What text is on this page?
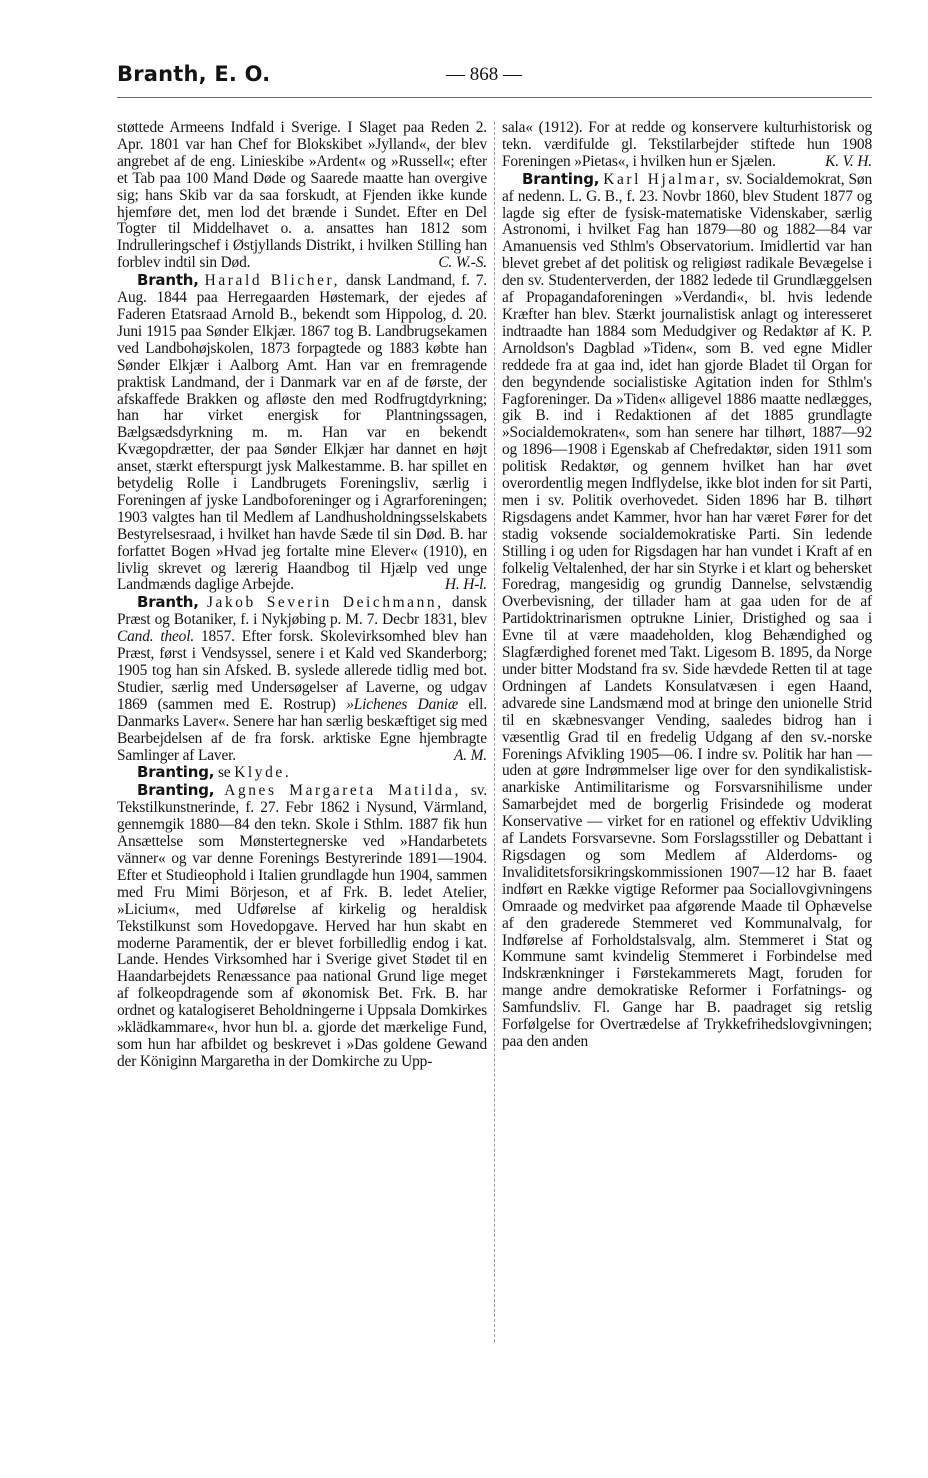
Branth, E. O.	— 868 —

støttede Armeens Indfald i Sverige. I Slaget paa Reden 2. Apr. 1801 var han Chef for Blokskibet »Jylland«, der blev angrebet af de eng. Linieskibe »Ardent« og »Russell«; efter et Tab paa 100 Mand Døde og Saarede maatte han overgive sig; hans Skib var da saa forskudt, at Fjenden ikke kunde hjemføre det, men lod det brænde i Sundet. Efter en Del Togter til Middelhavet o. a. ansattes han 1812 som Indrulleringschef i Østjyllands Distrikt, i hvilken Stilling han forblev indtil sin Død.	C. W.-S.

Branth, Harald Blicher, dansk Landmand, f. 7. Aug. 1844 paa Herregaarden Høstemark, der ejedes af Faderen Etatsraad Arnold B., bekendt som Hippolog, d. 20. Juni 1915 paa Sønder Elkjær. 1867 tog B. Landbrugsekamen ved Landbohøjskolen, 1873 forpagtede og 1883 købte han Sønder Elkjær i Aalborg Amt. Han var en fremragende praktisk Landmand, der i Danmark var en af de første, der afskaffede Brakken og afløste den med Rodfrugtdyrkning; han har virket energisk for Plantningssagen, Bælgsædsdyrkning m. m. Han var en bekendt Kvægopdrætter, der paa Sønder Elkjær har dannet en højt anset, stærkt efterspurgt jysk Malkestamme. B. har spillet en betydelig Rolle i Landbrugets Foreningsliv, særlig i Foreningen af jyske Landboforeninger og i Agrarforeningen; 1903 valgtes han til Medlem af Landhusholdningsselskabets Bestyrelsesraad, i hvilket han havde Sæde til sin Død. B. har forfattet Bogen »Hvad jeg fortalte mine Elever« (1910), en livlig skrevet og lærerig Haandbog til Hjælp ved unge Landmænds daglige Arbejde.	H. H-l.

Branth, Jakob Severin Deichmann, dansk Præst og Botaniker, f. i Nykjøbing p. M. 7. Decbr 1831, blev Cand. theol. 1857. Efter forsk. Skolevirksomhed blev han Præst, først i Vendsyssel, senere i et Kald ved Skanderborg; 1905 tog han sin Afsked. B. syslede allerede tidlig med bot. Studier, særlig med Undersøgelser af Laverne, og udgav 1869 (sammen med E. Rostrup) »Lichenes Daniæ ell. Danmarks Laver«. Senere har han særlig beskæftiget sig med Bearbejdelsen af de fra forsk. arktiske Egne hjembragte Samlinger af Laver.	A. M.

Branting, se Klyde.

Branting, Agnes Margareta Matilda, sv. Tekstilkunstnerinde, f. 27. Febr 1862 i Nysund, Värmland, gennemgik 1880—84 den tekn. Skole i Sthlm. 1887 fik hun Ansættelse som Mønstertegnerske ved »Handarbetets vänner« og var denne Forenings Bestyrerinde 1891—1904. Efter et Studieophold i Italien grundlagde hun 1904, sammen med Fru Mimi Börjeson, et af Frk. B. ledet Atelier, »Licium«, med Udførelse af kirkelig og heraldisk Tekstilkunst som Hovedopgave. Herved har hun skabt en moderne Paramentik, der er blevet forbilledlig endog i kat. Lande. Hendes Virksomhed har i Sverige givet Stødet til en Haandarbejdets Renæssance paa national Grund lige meget af folkeopdragende som af økonomisk Bet. Frk. B. har ordnet og katalogiseret Beholdningerne i Uppsala Domkirkes »klädkammare«, hvor hun bl. a. gjorde det mærkelige Fund, som hun har afbildet og beskrevet i »Das goldene Gewand der Königinn Margaretha in der Domkirche zu Upp-

sala« (1912). For at redde og konservere kulturhistorisk og tekn. værdifulde gl. Tekstilarbejder stiftede hun 1908 Foreningen »Pietas«, i hvilken hun er Sjælen.	K. V. H.

Branting, Karl Hjalmar, sv. Socialdemokrat, Søn af nedenn. L. G. B., f. 23. Novbr 1860, blev Student 1877 og lagde sig efter de fysisk-matematiske Videnskaber, særlig Astronomi, i hvilket Fag han 1879—80 og 1882—84 var Amanuensis ved Sthlm's Observatorium. Imidlertid var han blevet grebet af det politisk og religiøst radikale Bevægelse i den sv. Studenterverden, der 1882 ledede til Grundlæggelsen af Propagandaforeningen »Verdandi«, bl. hvis ledende Kræfter han blev. Stærkt journalistisk anlagt og interesseret indtraadte han 1884 som Medudgiver og Redaktør af K. P. Arnoldson's Dagblad »Tiden«, som B. ved egne Midler reddede fra at gaa ind, idet han gjorde Bladet til Organ for den begyndende socialistiske Agitation inden for Sthlm's Fagforeninger. Da »Tiden« alligevel 1886 maatte nedlægges, gik B. ind i Redaktionen af det 1885 grundlagte »Socialdemokraten«, som han senere har tilhørt, 1887—92 og 1896—1908 i Egenskab af Chefredaktør, siden 1911 som politisk Redaktør, og gennem hvilket han har øvet overordentlig megen Indflydelse, ikke blot inden for sit Parti, men i sv. Politik overhovedet. Siden 1896 har B. tilhørt Rigsdagens andet Kammer, hvor han har været Fører for det stadig voksende socialdemokratiske Parti. Sin ledende Stilling i og uden for Rigsdagen har han vundet i Kraft af en folkelig Veltalenhed, der har sin Styrke i et klart og behersket Foredrag, mangesidig og grundig Dannelse, selvstændig Overbevisning, der tillader ham at gaa uden for de af Partidoktrinarismen optrukne Linier, Dristighed og saa i Evne til at være maadeholden, klog Behændighed og Slagfærdighed forenet med Takt. Ligesom B. 1895, da Norge under bitter Modstand fra sv. Side hævdede Retten til at tage Ordningen af Landets Konsulatvæsen i egen Haand, advarede sine Landsmænd mod at bringe den unionelle Strid til en skæbnesvanger Vending, saaledes bidrog han i væsentlig Grad til en fredelig Udgang af den sv.-norske Forenings Afvikling 1905—06. I indre sv. Politik har han — uden at gøre Indrømmelser lige over for den syndikalistisk-anarkiske Antimilitarisme og Forsvarsnihilisme under Samarbejdet med de borgerlig Frisindede og moderat Konservative — virket for en rationel og effektiv Udvikling af Landets Forsvarsevne. Som Forslagsstiller og Debattant i Rigsdagen og som Medlem af Alderdoms- og Invaliditetsforsikringskommissionen 1907—12 har B. faaet indført en Række vigtige Reformer paa Sociallovgivningens Omraade og medvirket paa afgørende Maade til Ophævelse af den graderede Stemmeret ved Kommunalvalg, for Indførelse af Forholdstalsvalg, alm. Stemmeret i Stat og Kommune samt kvindelig Stemmeret i Forbindelse med Indskrænkninger i Førstekammerets Magt, foruden for mange andre demokratiske Reformer i Forfatnings- og Samfundsliv. Fl. Gange har B. paadraget sig retslig Forfølgelse for Overtrædelse af Trykkefrihedslovgivningen; paa den anden
